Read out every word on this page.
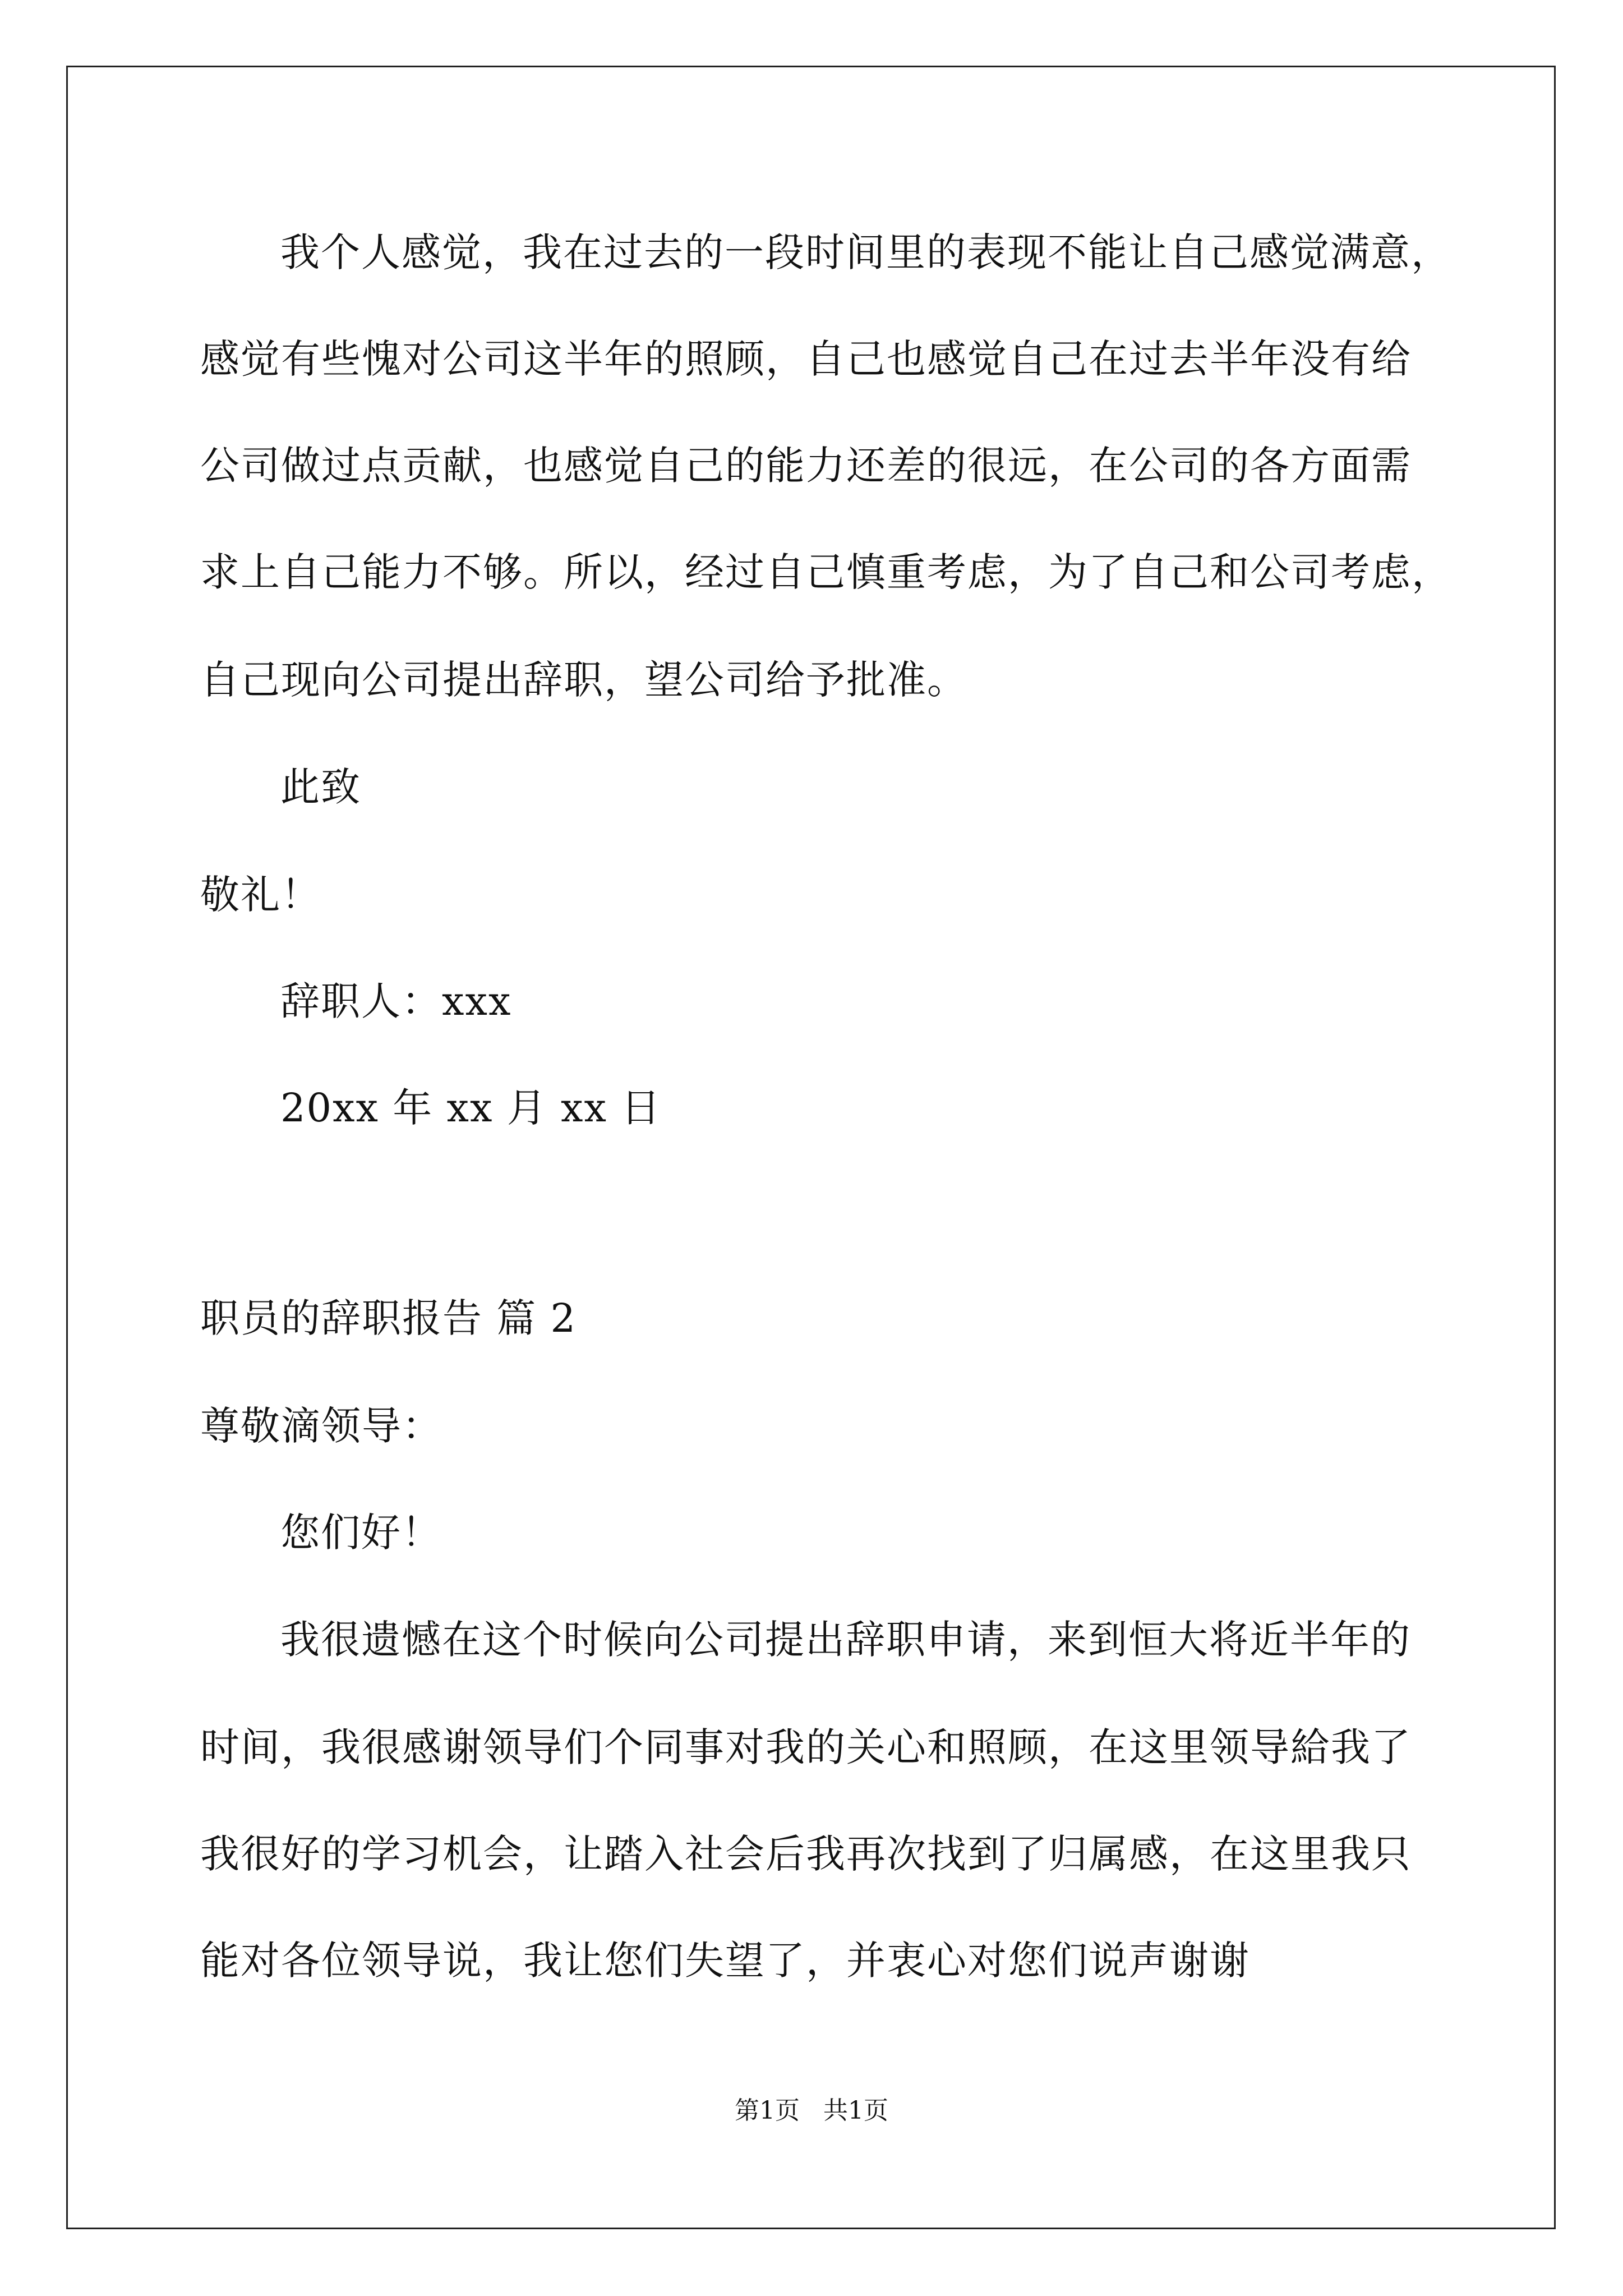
我个人感觉，我在过去的一段时间里的表现不能让自己感觉满意，
感觉有些愧对公司这半年的照顾，自己也感觉自己在过去半年没有给
公司做过点贡献，也感觉自己的能力还差的很远，在公司的各方面需
求上自己能力不够。所以，经过自己慎重考虑，为了自己和公司考虑，
自己现向公司提出辞职，望公司给予批准。
此致
敬礼！
辞职人：xxx
20xx 年 xx 月 xx 日
职员的辞职报告 篇 2
尊敬滴领导：
您们好！
我很遗憾在这个时候向公司提出辞职申请，来到恒大将近半年的
时间，我很感谢领导们个同事对我的关心和照顾，在这里领导給我了
我很好的学习机会，让踏入社会后我再次找到了归属感，在这里我只
能对各位领导说，我让您们失望了，并衷心对您们说声谢谢
第1页   共1页
